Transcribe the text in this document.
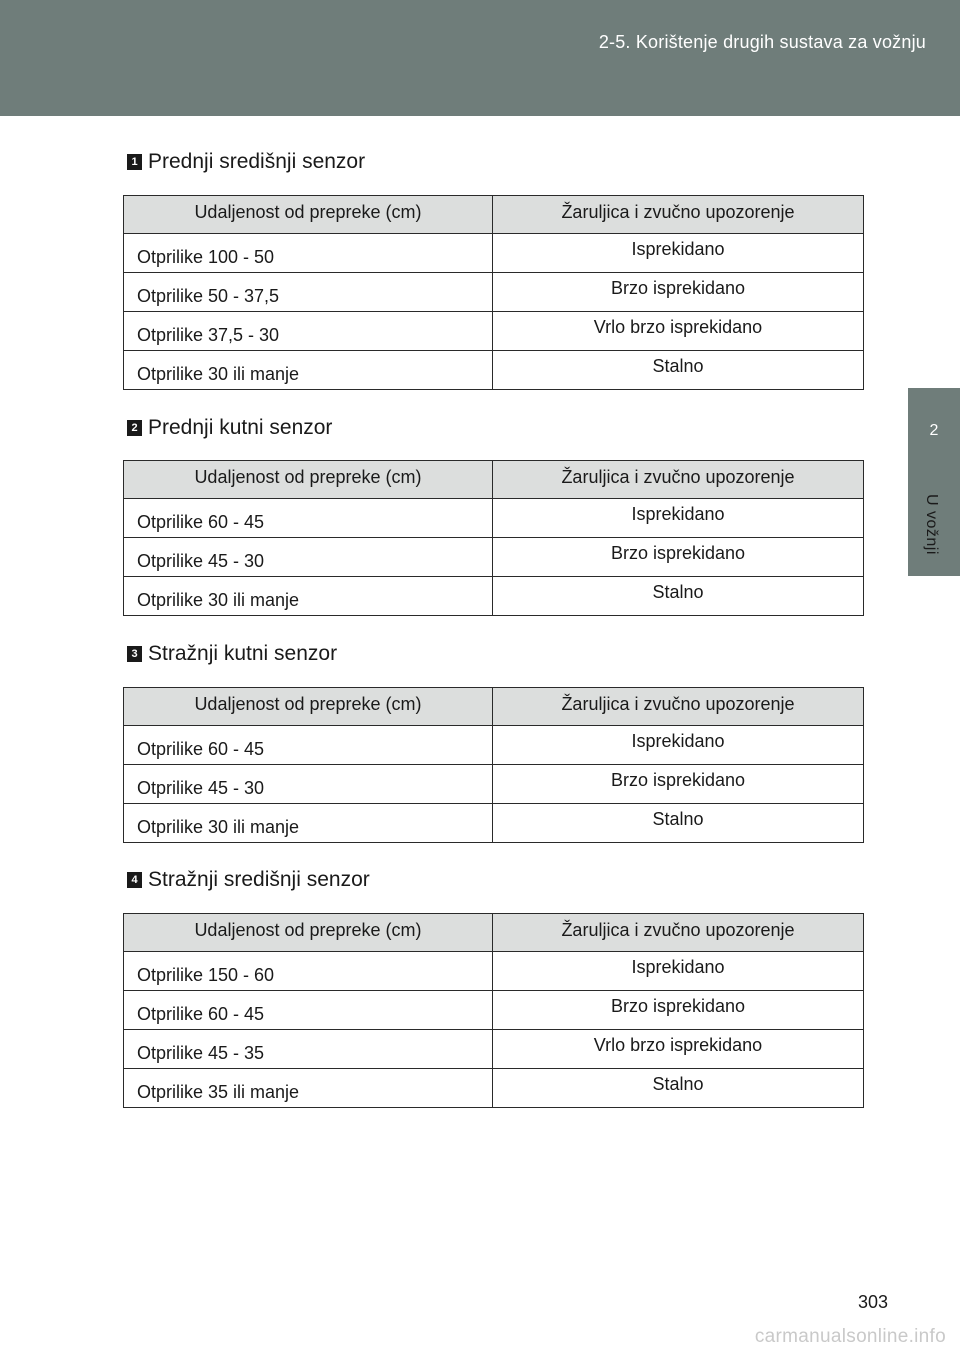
2-5. Korištenje drugih sustava za vožnju
2
U vožnji
1 Prednji središnji senzor
Udaljenost od prepreke (cm)	Žaruljica i zvučno upozorenje
Otprilike 100 - 50	Isprekidano
Otprilike 50 - 37,5	Brzo isprekidano
Otprilike 37,5 - 30	Vrlo brzo isprekidano
Otprilike 30 ili manje	Stalno
2 Prednji kutni senzor
Udaljenost od prepreke (cm)	Žaruljica i zvučno upozorenje
Otprilike 60 - 45	Isprekidano
Otprilike 45 - 30	Brzo isprekidano
Otprilike 30 ili manje	Stalno
3 Stražnji kutni senzor
Udaljenost od prepreke (cm)	Žaruljica i zvučno upozorenje
Otprilike 60 - 45	Isprekidano
Otprilike 45 - 30	Brzo isprekidano
Otprilike 30 ili manje	Stalno
4 Stražnji središnji senzor
Udaljenost od prepreke (cm)	Žaruljica i zvučno upozorenje
Otprilike 150 - 60	Isprekidano
Otprilike 60 - 45	Brzo isprekidano
Otprilike 45 - 35	Vrlo brzo isprekidano
Otprilike 35 ili manje	Stalno
303
carmanualsonline.info
